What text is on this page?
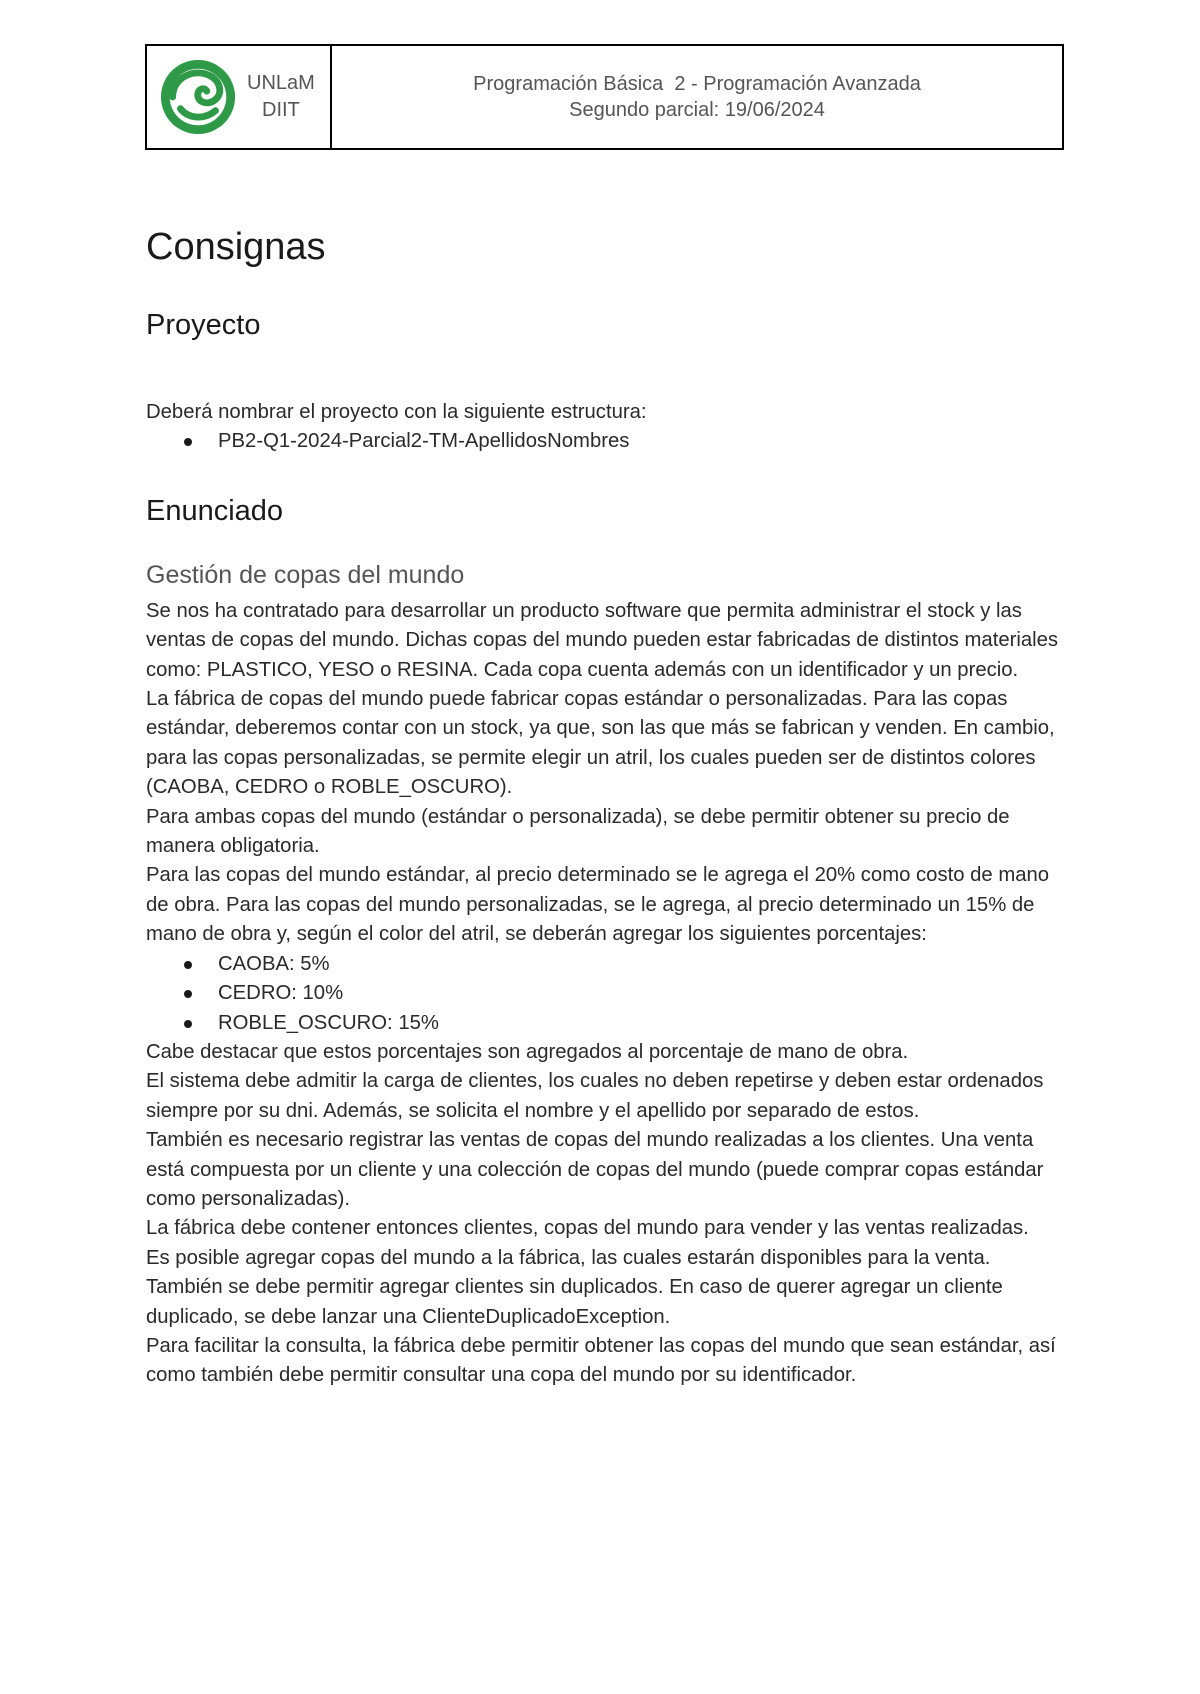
UNLaM
DIIT
Programación Básica  2 - Programación Avanzada
Segundo parcial: 19/06/2024
Consignas
Proyecto

Deberá nombrar el proyecto con la siguiente estructura:

PB2-Q1-2024-Parcial2-TM-ApellidosNombres
Enunciado
Gestión de copas del mundo

Se nos ha contratado para desarrollar un producto software que permita administrar el stock y las ventas de copas del mundo. Dichas copas del mundo pueden estar fabricadas de distintos materiales como: PLASTICO, YESO o RESINA. Cada copa cuenta además con un identificador y un precio.

La fábrica de copas del mundo puede fabricar copas estándar o personalizadas. Para las copas estándar, deberemos contar con un stock, ya que, son las que más se fabrican y venden. En cambio, para las copas personalizadas, se permite elegir un atril, los cuales pueden ser de distintos colores (CAOBA, CEDRO o ROBLE_OSCURO).

Para ambas copas del mundo (estándar o personalizada), se debe permitir obtener su precio de manera obligatoria.

Para las copas del mundo estándar, al precio determinado se le agrega el 20% como costo de mano de obra. Para las copas del mundo personalizadas, se le agrega, al precio determinado un 15% de mano de obra y, según el color del atril, se deberán agregar los siguientes porcentajes:

CAOBA: 5%
CEDRO: 10%
ROBLE_OSCURO: 15%

Cabe destacar que estos porcentajes son agregados al porcentaje de mano de obra.

El sistema debe admitir la carga de clientes, los cuales no deben repetirse y deben estar ordenados siempre por su dni. Además, se solicita el nombre y el apellido por separado de estos.

También es necesario registrar las ventas de copas del mundo realizadas a los clientes. Una venta está compuesta por un cliente y una colección de copas del mundo (puede comprar copas estándar como personalizadas).

La fábrica debe contener entonces clientes, copas del mundo para vender y las ventas realizadas.

Es posible agregar copas del mundo a la fábrica, las cuales estarán disponibles para la venta.

También se debe permitir agregar clientes sin duplicados. En caso de querer agregar un cliente duplicado, se debe lanzar una ClienteDuplicadoException.

Para facilitar la consulta, la fábrica debe permitir obtener las copas del mundo que sean estándar, así como también debe permitir consultar una copa del mundo por su identificador.
